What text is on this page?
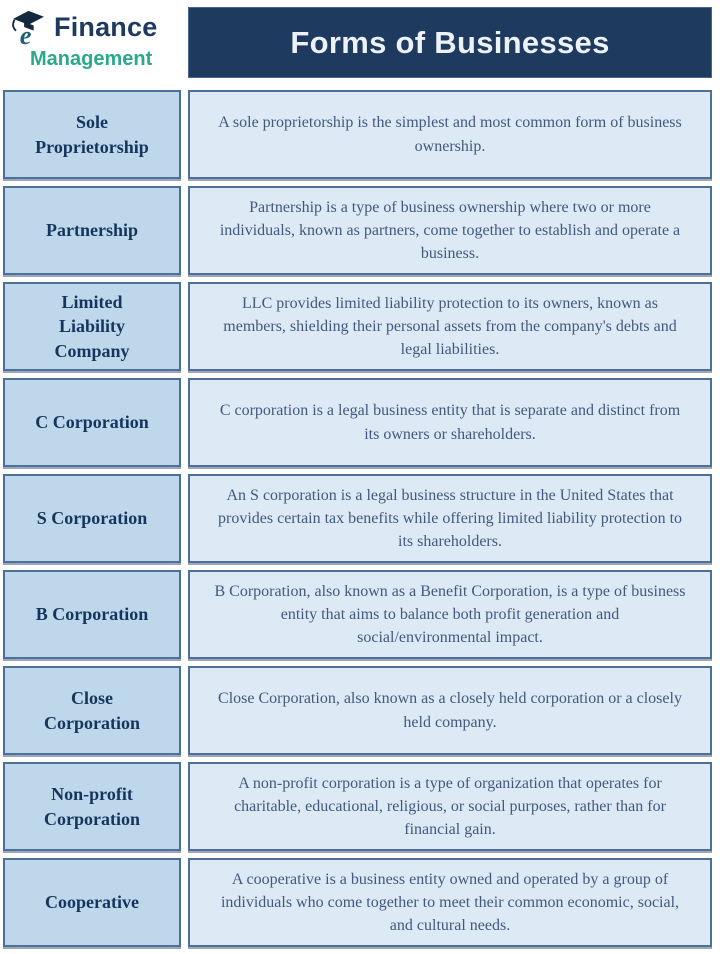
e Finance
Management	Forms of Businesses
Sole Proprietorship
A sole proprietorship is the simplest and most common form of business ownership.
Partnership
Partnership is a type of business ownership where two or more individuals, known as partners, come together to establish and operate a business.
Limited Liability Company
LLC provides limited liability protection to its owners, known as members, shielding their personal assets from the company's debts and legal liabilities.
C Corporation
C corporation is a legal business entity that is separate and distinct from its owners or shareholders.
S Corporation
An S corporation is a legal business structure in the United States that provides certain tax benefits while offering limited liability protection to its shareholders.
B Corporation
B Corporation, also known as a Benefit Corporation, is a type of business entity that aims to balance both profit generation and social/environmental impact.
Close Corporation
Close Corporation, also known as a closely held corporation or a closely held company.
Non-profit Corporation
A non-profit corporation is a type of organization that operates for charitable, educational, religious, or social purposes, rather than for financial gain.
Cooperative
A cooperative is a business entity owned and operated by a group of individuals who come together to meet their common economic, social, and cultural needs.
